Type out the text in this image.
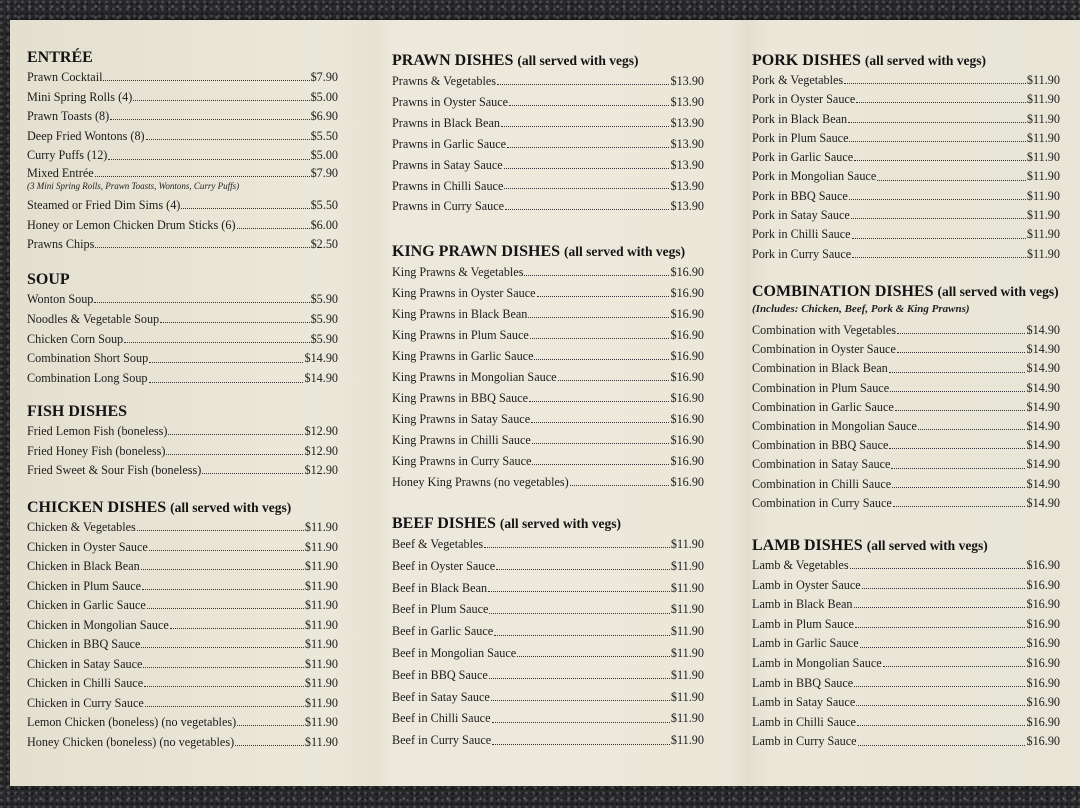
ENTRÉE
Prawn Cocktail	$7.90
Mini Spring Rolls (4)	$5.00
Prawn Toasts (8)	$6.90
Deep Fried Wontons (8)	$5.50
Curry Puffs (12)	$5.00
Mixed Entrée	$7.90
(3 Mini Spring Rolls, Prawn Toasts, Wontons, Curry Puffs)
Steamed or Fried Dim Sims (4)	$5.50
Honey or Lemon Chicken Drum Sticks (6)	$6.00
Prawns Chips	$2.50
SOUP
Wonton Soup	$5.90
Noodles & Vegetable Soup	$5.90
Chicken Corn Soup	$5.90
Combination Short Soup	$14.90
Combination Long Soup	$14.90
FISH DISHES
Fried Lemon Fish (boneless)	$12.90
Fried Honey Fish (boneless)	$12.90
Fried Sweet & Sour Fish (boneless)	$12.90
CHICKEN DISHES (all served with vegs)
Chicken & Vegetables	$11.90
Chicken in Oyster Sauce	$11.90
Chicken in Black Bean	$11.90
Chicken in Plum Sauce	$11.90
Chicken in Garlic Sauce	$11.90
Chicken in Mongolian Sauce	$11.90
Chicken in BBQ Sauce	$11.90
Chicken in Satay Sauce	$11.90
Chicken in Chilli Sauce	$11.90
Chicken in Curry Sauce	$11.90
Lemon Chicken (boneless) (no vegetables)	$11.90
Honey Chicken (boneless) (no vegetables)	$11.90
PRAWN DISHES (all served with vegs)
Prawns & Vegetables	$13.90
Prawns in Oyster Sauce	$13.90
Prawns in Black Bean	$13.90
Prawns in Garlic Sauce	$13.90
Prawns in Satay Sauce	$13.90
Prawns in Chilli Sauce	$13.90
Prawns in Curry Sauce	$13.90
KING PRAWN DISHES (all served with vegs)
King Prawns & Vegetables	$16.90
King Prawns in Oyster Sauce	$16.90
King Prawns in Black Bean	$16.90
King Prawns in Plum Sauce	$16.90
King Prawns in Garlic Sauce	$16.90
King Prawns in Mongolian Sauce	$16.90
King Prawns in BBQ Sauce	$16.90
King Prawns in Satay Sauce	$16.90
King Prawns in Chilli Sauce	$16.90
King Prawns in Curry Sauce	$16.90
Honey King Prawns (no vegetables)	$16.90
BEEF DISHES (all served with vegs)
Beef & Vegetables	$11.90
Beef in Oyster Sauce	$11.90
Beef in Black Bean	$11.90
Beef in Plum Sauce	$11.90
Beef in Garlic Sauce	$11.90
Beef in Mongolian Sauce	$11.90
Beef in BBQ Sauce	$11.90
Beef in Satay Sauce	$11.90
Beef in Chilli Sauce	$11.90
Beef in Curry Sauce	$11.90
PORK DISHES (all served with vegs)
Pork & Vegetables	$11.90
Pork in Oyster Sauce	$11.90
Pork in Black Bean	$11.90
Pork in Plum Sauce	$11.90
Pork in Garlic Sauce	$11.90
Pork in Mongolian Sauce	$11.90
Pork in BBQ Sauce	$11.90
Pork in Satay Sauce	$11.90
Pork in Chilli Sauce	$11.90
Pork in Curry Sauce	$11.90
COMBINATION DISHES (all served with vegs)
(Includes: Chicken, Beef, Pork & King Prawns)
Combination with Vegetables	$14.90
Combination in Oyster Sauce	$14.90
Combination in Black Bean	$14.90
Combination in Plum Sauce	$14.90
Combination in Garlic Sauce	$14.90
Combination in Mongolian Sauce	$14.90
Combination in BBQ Sauce	$14.90
Combination in Satay Sauce	$14.90
Combination in Chilli Sauce	$14.90
Combination in Curry Sauce	$14.90
LAMB DISHES (all served with vegs)
Lamb & Vegetables	$16.90
Lamb in Oyster Sauce	$16.90
Lamb in Black Bean	$16.90
Lamb in Plum Sauce	$16.90
Lamb in Garlic Sauce	$16.90
Lamb in Mongolian Sauce	$16.90
Lamb in BBQ Sauce	$16.90
Lamb in Satay Sauce	$16.90
Lamb in Chilli Sauce	$16.90
Lamb in Curry Sauce	$16.90
